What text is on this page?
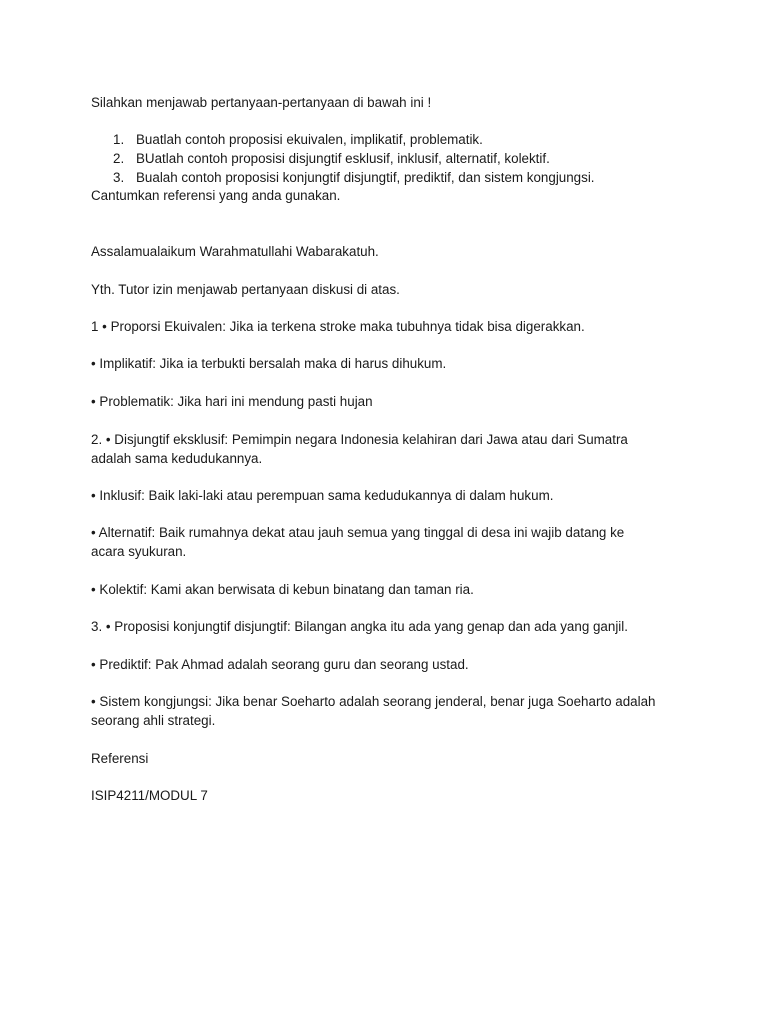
Silahkan menjawab pertanyaan-pertanyaan di bawah ini !
1. Buatlah contoh proposisi ekuivalen, implikatif, problematik.
2. BUatlah contoh proposisi disjungtif esklusif, inklusif, alternatif, kolektif.
3. Bualah contoh proposisi konjungtif disjungtif, prediktif, dan sistem kongjungsi.
Cantumkan referensi yang anda gunakan.
Assalamualaikum Warahmatullahi Wabarakatuh.
Yth. Tutor izin menjawab pertanyaan diskusi di atas.
1 • Proporsi Ekuivalen: Jika ia terkena stroke maka tubuhnya tidak bisa digerakkan.
• Implikatif: Jika ia terbukti bersalah maka di harus dihukum.
• Problematik: Jika hari ini mendung pasti hujan
2. • Disjungtif eksklusif: Pemimpin negara Indonesia kelahiran dari Jawa atau dari Sumatra
adalah sama kedudukannya.
• Inklusif: Baik laki-laki atau perempuan sama kedudukannya di dalam hukum.
• Alternatif: Baik rumahnya dekat atau jauh semua yang tinggal di desa ini wajib datang ke
acara syukuran.
• Kolektif: Kami akan berwisata di kebun binatang dan taman ria.
3. • Proposisi konjungtif disjungtif: Bilangan angka itu ada yang genap dan ada yang ganjil.
• Prediktif: Pak Ahmad adalah seorang guru dan seorang ustad.
• Sistem kongjungsi: Jika benar Soeharto adalah seorang jenderal, benar juga Soeharto adalah
seorang ahli strategi.
Referensi
ISIP4211/MODUL 7
